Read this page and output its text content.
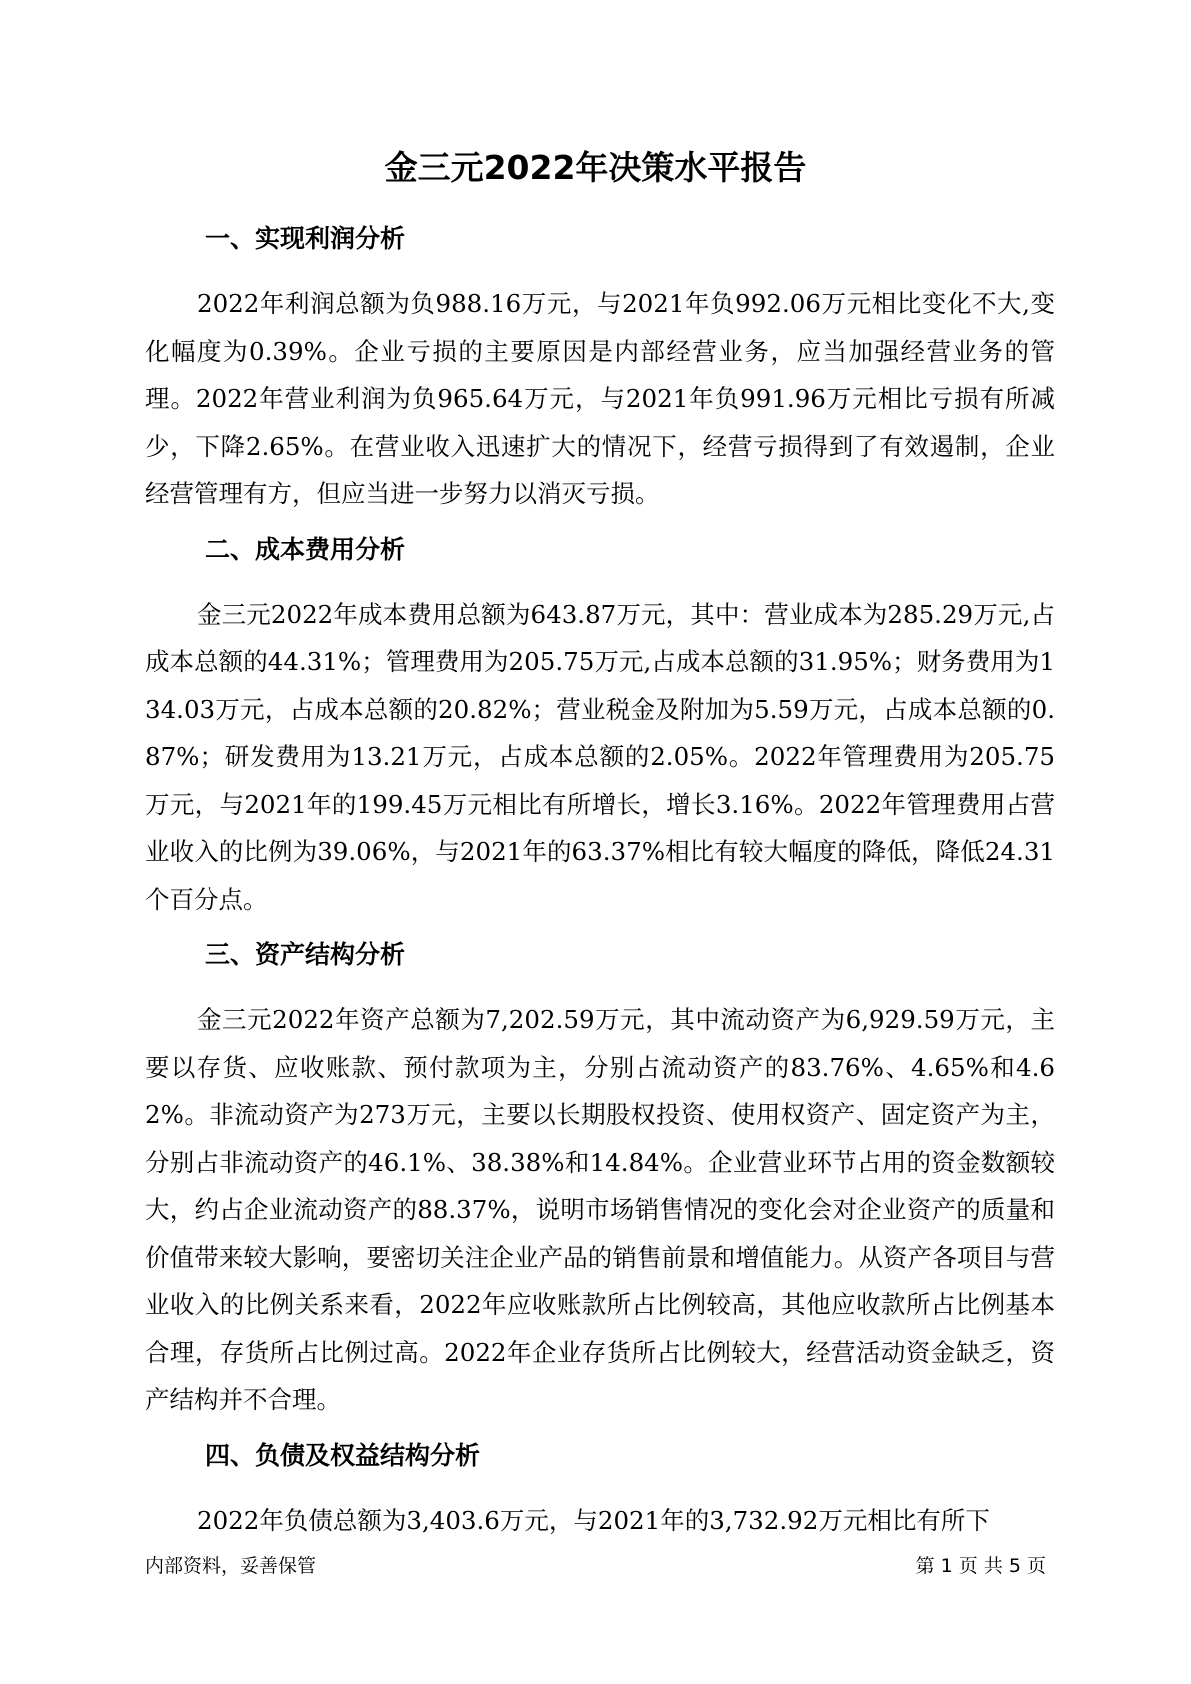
金三元2022年决策水平报告
一、实现利润分析

2022年利润总额为负988.16万元，与2021年负992.06万元相比变化不大,变化幅度为0.39%。企业亏损的主要原因是内部经营业务，应当加强经营业务的管理。2022年营业利润为负965.64万元，与2021年负991.96万元相比亏损有所减少，下降2.65%。在营业收入迅速扩大的情况下，经营亏损得到了有效遏制，企业经营管理有方，但应当进一步努力以消灭亏损。

二、成本费用分析

金三元2022年成本费用总额为643.87万元，其中：营业成本为285.29万元,占成本总额的44.31%；管理费用为205.75万元,占成本总额的31.95%；财务费用为134.03万元，占成本总额的20.82%；营业税金及附加为5.59万元，占成本总额的0.87%；研发费用为13.21万元，占成本总额的2.05%。2022年管理费用为205.75万元，与2021年的199.45万元相比有所增长，增长3.16%。2022年管理费用占营业收入的比例为39.06%，与2021年的63.37%相比有较大幅度的降低，降低24.31个百分点。

三、资产结构分析

金三元2022年资产总额为7,202.59万元，其中流动资产为6,929.59万元，主要以存货、应收账款、预付款项为主，分别占流动资产的83.76%、4.65%和4.62%。非流动资产为273万元，主要以长期股权投资、使用权资产、固定资产为主，分别占非流动资产的46.1%、38.38%和14.84%。企业营业环节占用的资金数额较大，约占企业流动资产的88.37%，说明市场销售情况的变化会对企业资产的质量和价值带来较大影响，要密切关注企业产品的销售前景和增值能力。从资产各项目与营业收入的比例关系来看，2022年应收账款所占比例较高，其他应收款所占比例基本合理，存货所占比例过高。2022年企业存货所占比例较大，经营活动资金缺乏，资产结构并不合理。

四、负债及权益结构分析

2022年负债总额为3,403.6万元，与2021年的3,732.92万元相比有所下

内部资料，妥善保管	第 1 页 共 5 页
